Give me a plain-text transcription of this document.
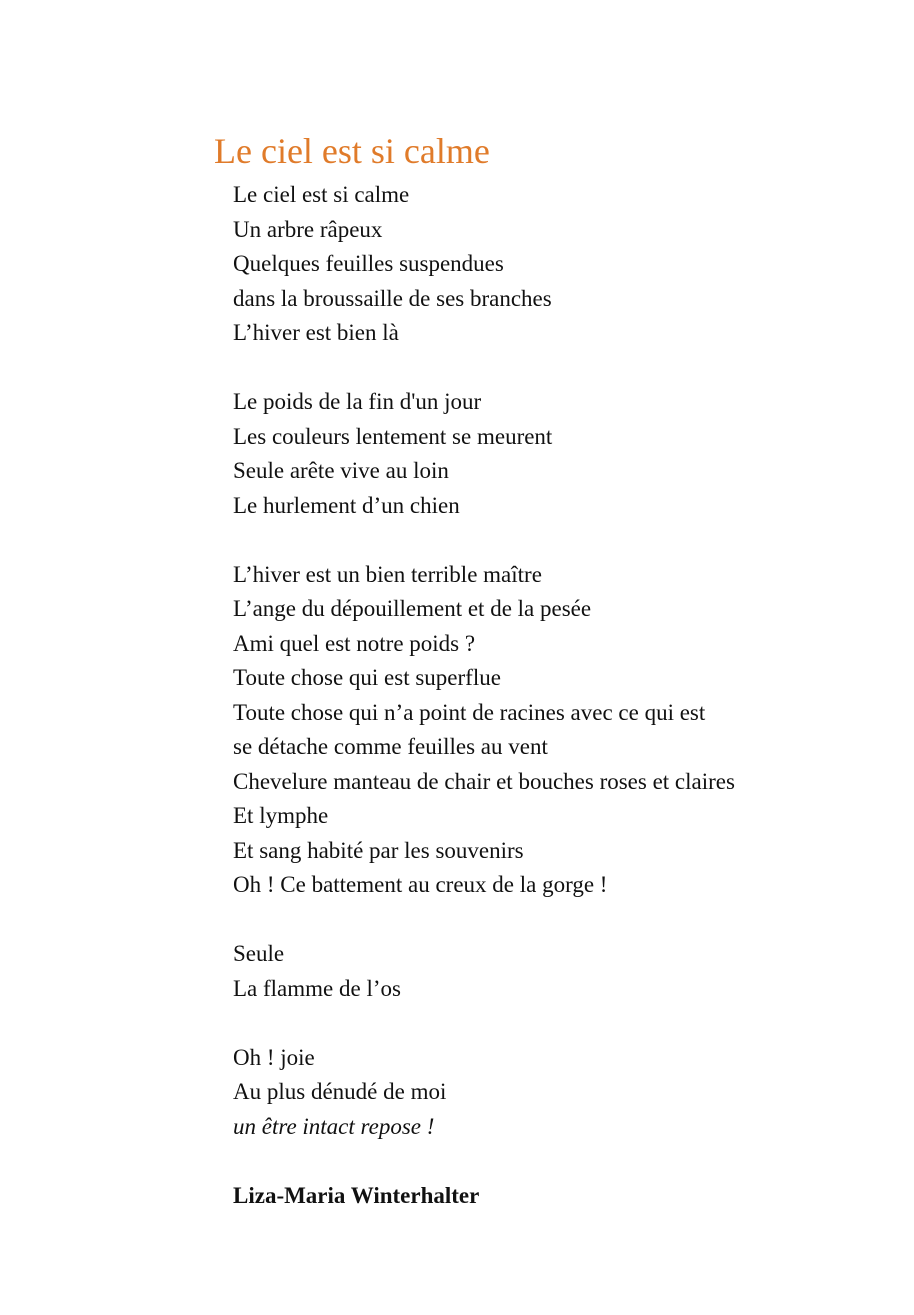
Le ciel est si calme
Le ciel est si calme
Un arbre râpeux
Quelques feuilles suspendues
dans la broussaille de ses branches
L’hiver est bien là
Le poids de la fin d'un jour
Les couleurs lentement se meurent
Seule arête vive au loin
Le hurlement d’un chien
L’hiver est un bien terrible maître
L’ange du dépouillement et de la pesée
Ami quel est notre poids ?
Toute chose qui est superflue
Toute chose qui n’a point de racines avec ce qui est
se détache comme feuilles au vent
Chevelure manteau de chair et bouches roses et claires
Et lymphe
Et sang habité par les souvenirs
Oh ! Ce battement au creux de la gorge !
Seule
La flamme de l’os
Oh ! joie
Au plus dénudé de moi
un être intact repose !
Liza-Maria Winterhalter
